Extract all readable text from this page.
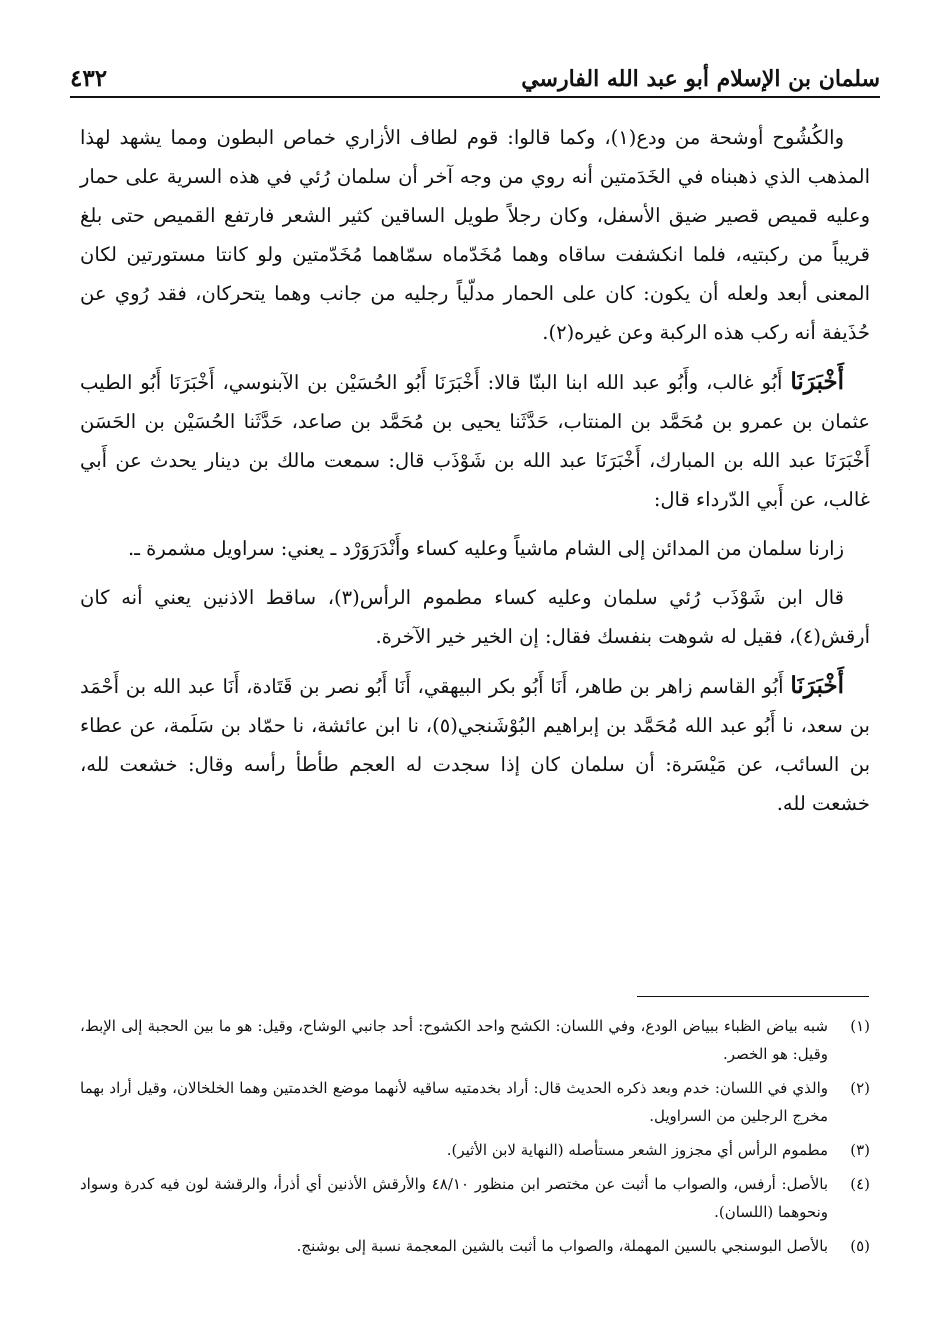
سلمان بن الإسلام أبو عبد الله الفارسي
٤٣٢

والكُشُوح أوشحة من ودع(١)، وكما قالوا: قوم لطاف الأزاري خماص البطون ومما يشهد لهذا المذهب الذي ذهبناه في الخَدَمتين أنه روي من وجه آخر أن سلمان رُئي في هذه السرية على حمار وعليه قميص قصير ضيق الأسفل، وكان رجلاً طويل الساقين كثير الشعر فارتفع القميص حتى بلغ قريباً من ركبتيه، فلما انكشفت ساقاه وهما مُخَدّماه سمّاهما مُخَدّمتين ولو كانتا مستورتين لكان المعنى أبعد ولعله أن يكون: كان على الحمار مدلّياً رجليه من جانب وهما يتحركان، فقد رُوي عن حُذَيفة أنه ركب هذه الركبة وعن غيره(٢).

أَخْبَرَنَا أَبُو غالب، وأَبُو عبد الله ابنا البنّا قالا: أَخْبَرَنَا أَبُو الحُسَيْن بن الآبنوسي، أَخْبَرَنَا أَبُو الطيب عثمان بن عمرو بن مُحَمَّد بن المنتاب، حَدَّثَنا يحيى بن مُحَمَّد بن صاعد، حَدَّثَنا الحُسَيْن بن الحَسَن أَخْبَرَنَا عبد الله بن المبارك، أَخْبَرَنَا عبد الله بن شَوْذَب قال: سمعت مالك بن دينار يحدث عن أَبي غالب، عن أَبي الدّرداء قال:

زارنا سلمان من المدائن إلى الشام ماشياً وعليه كساء وأَنْدَرَوَرْد ـ يعني: سراويل مشمرة ـ.

قال ابن شَوْذَب رُئي سلمان وعليه كساء مطموم الرأس(٣)، ساقط الاذنين يعني أنه كان أرقش(٤)، فقيل له شوهت بنفسك فقال: إن الخير خير الآخرة.

أَخْبَرَنَا أَبُو القاسم زاهر بن طاهر، أَنَا أَبُو بكر البيهقي، أَنَا أَبُو نصر بن قَتَادة، أَنَا عبد الله بن أَحْمَد بن سعد، نا أَبُو عبد الله مُحَمَّد بن إبراهيم البُوْشَنجي(٥)، نا ابن عائشة، نا حمّاد بن سَلَمة، عن عطاء بن السائب، عن مَيْسَرة: أن سلمان كان إذا سجدت له العجم طأطأ رأسه وقال: خشعت لله، خشعت لله.

(١)
شبه بياض الظباء ببياض الودع، وفي اللسان: الكشح واحد الكشوح: أحد جانبي الوشاح، وقيل: هو ما بين الحجبة إلى الإبط، وقيل: هو الخصر.
(٢)
والذي في اللسان: خدم وبعد ذكره الحديث قال: أراد بخدمتيه ساقيه لأنهما موضع الخدمتين وهما الخلخالان، وقيل أراد بهما مخرج الرجلين من السراويل.
(٣)
مطموم الرأس أي مجزوز الشعر مستأصله (النهاية لابن الأثير).
(٤)
بالأصل: أرفس، والصواب ما أثبت عن مختصر ابن منظور ٤٨/١٠ والأرقش الأذنين أي أذرأ، والرقشة لون فيه كدرة وسواد ونحوهما (اللسان).
(٥)
بالأصل البوسنجي بالسين المهملة، والصواب ما أثبت بالشين المعجمة نسبة إلى بوشنج.
